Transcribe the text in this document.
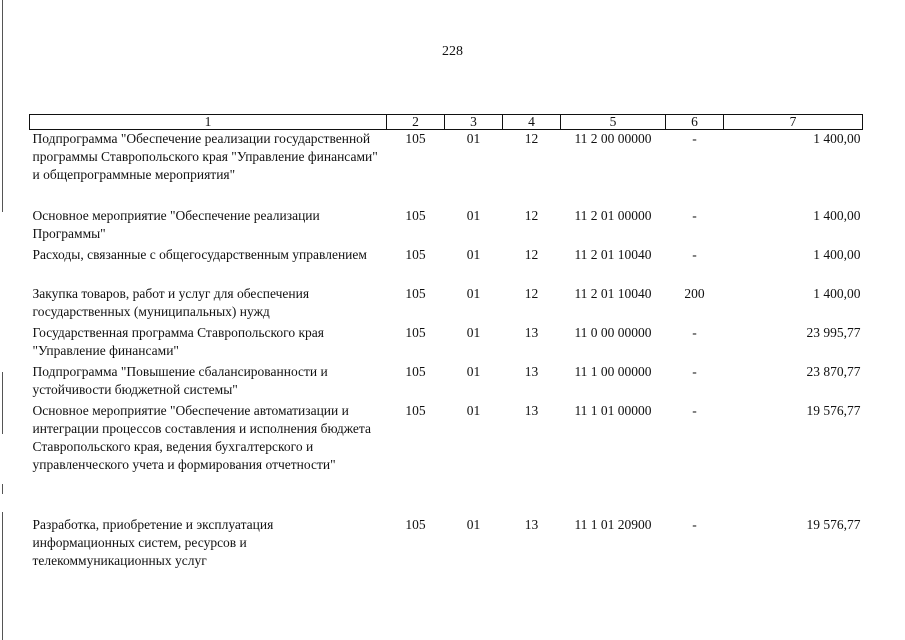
228
1	2	3	4	5	6	7
Подпрограмма "Обеспечение реализации государственной программы Ставропольского края "Управление финансами" и общепрограммные мероприятия"	105	01	12	11 2 00 00000	-	1 400,00
Основное мероприятие "Обеспечение реализации Программы"	105	01	12	11 2 01 00000	-	1 400,00
Расходы, связанные с общегосударственным управлением	105	01	12	11 2 01 10040	-	1 400,00
Закупка товаров, работ и услуг для обеспечения государственных (муниципальных) нужд	105	01	12	11 2 01 10040	200	1 400,00
Государственная программа Ставропольского края "Управление финансами"	105	01	13	11 0 00 00000	-	23 995,77
Подпрограмма "Повышение сбалансированности и устойчивости бюджетной системы"	105	01	13	11 1 00 00000	-	23 870,77
Основное мероприятие "Обеспечение автоматизации и интеграции процессов составления и исполнения бюджета Ставропольского края, ведения бухгалтерского и управленческого учета и формирования отчетности"	105	01	13	11 1 01 00000	-	19 576,77
Разработка, приобретение и эксплуатация информационных систем, ресурсов и телекоммуникационных услуг	105	01	13	11 1 01 20900	-	19 576,77
